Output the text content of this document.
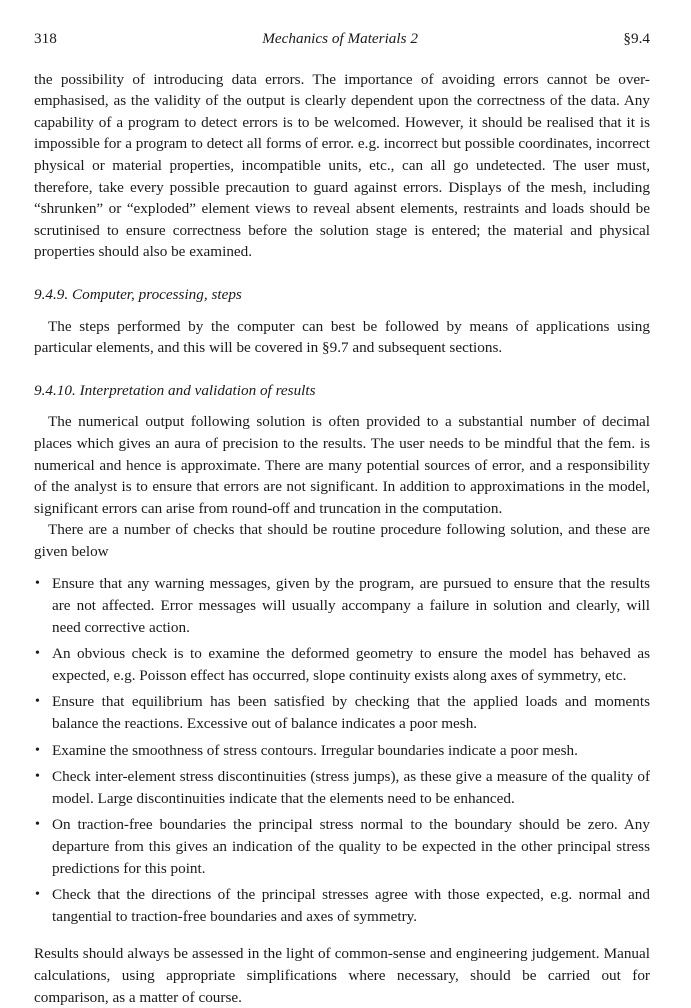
318	Mechanics of Materials 2	§9.4

the possibility of introducing data errors. The importance of avoiding errors cannot be over-emphasised, as the validity of the output is clearly dependent upon the correctness of the data. Any capability of a program to detect errors is to be welcomed. However, it should be realised that it is impossible for a program to detect all forms of error. e.g. incorrect but possible coordinates, incorrect physical or material properties, incompatible units, etc., can all go undetected. The user must, therefore, take every possible precaution to guard against errors. Displays of the mesh, including “shrunken” or “exploded” element views to reveal absent elements, restraints and loads should be scrutinised to ensure correctness before the solution stage is entered; the material and physical properties should also be examined.

9.4.9. Computer, processing, steps

The steps performed by the computer can best be followed by means of applications using particular elements, and this will be covered in §9.7 and subsequent sections.

9.4.10. Interpretation and validation of results

The numerical output following solution is often provided to a substantial number of decimal places which gives an aura of precision to the results. The user needs to be mindful that the fem. is numerical and hence is approximate. There are many potential sources of error, and a responsibility of the analyst is to ensure that errors are not significant. In addition to approximations in the model, significant errors can arise from round-off and truncation in the computation.

There are a number of checks that should be routine procedure following solution, and these are given below

• Ensure that any warning messages, given by the program, are pursued to ensure that the results are not affected. Error messages will usually accompany a failure in solution and clearly, will need corrective action.
• An obvious check is to examine the deformed geometry to ensure the model has behaved as expected, e.g. Poisson effect has occurred, slope continuity exists along axes of symmetry, etc.
• Ensure that equilibrium has been satisfied by checking that the applied loads and moments balance the reactions. Excessive out of balance indicates a poor mesh.
• Examine the smoothness of stress contours. Irregular boundaries indicate a poor mesh.
• Check inter-element stress discontinuities (stress jumps), as these give a measure of the quality of model. Large discontinuities indicate that the elements need to be enhanced.
• On traction-free boundaries the principal stress normal to the boundary should be zero. Any departure from this gives an indication of the quality to be expected in the other principal stress predictions for this point.
• Check that the directions of the principal stresses agree with those expected, e.g. normal and tangential to traction-free boundaries and axes of symmetry.

Results should always be assessed in the light of common-sense and engineering judgement. Manual calculations, using appropriate simplifications where necessary, should be carried out for comparison, as a matter of course.
